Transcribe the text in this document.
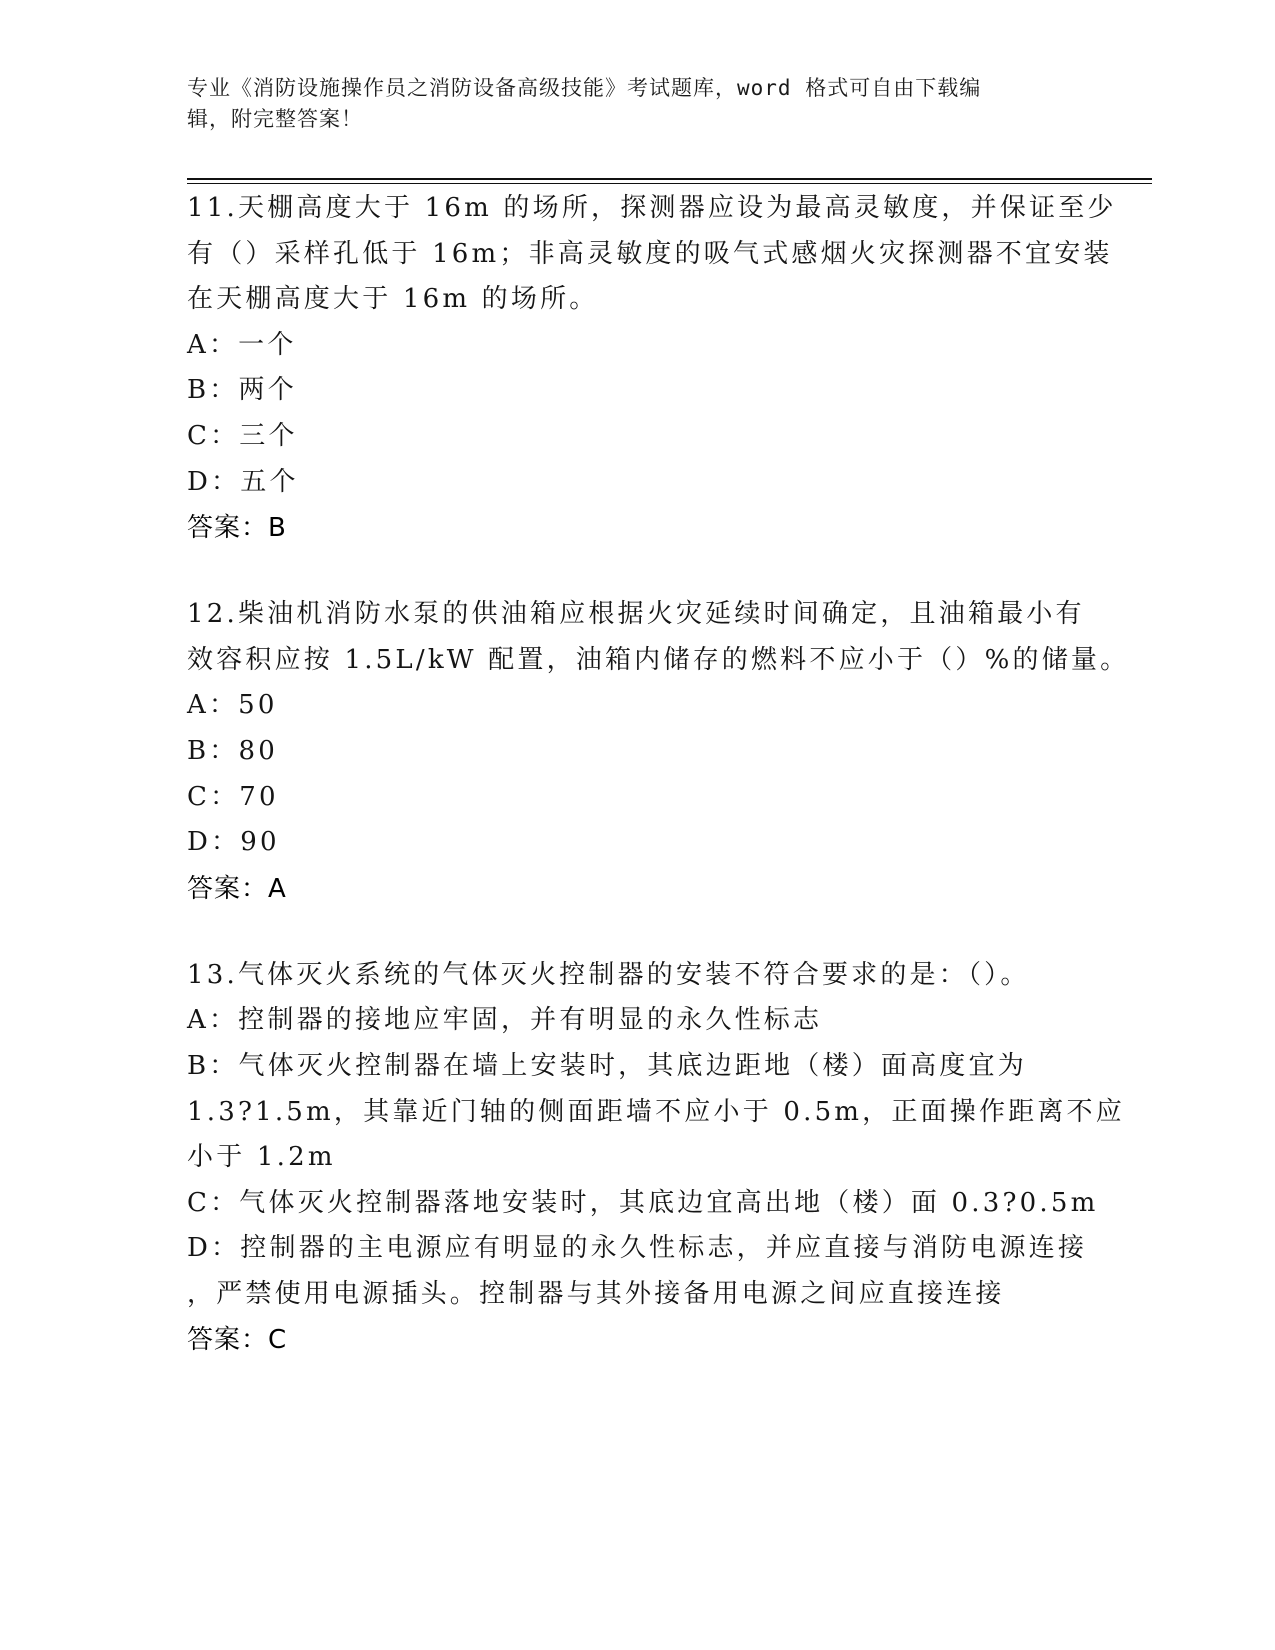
专业《消防设施操作员之消防设备高级技能》考试题库，word 格式可自由下载编
辑，附完整答案！
11.天棚高度大于 16m 的场所，探测器应设为最高灵敏度，并保证至少
有（）采样孔低于 16m；非高灵敏度的吸气式感烟火灾探测器不宜安装
在天棚高度大于 16m 的场所。
A：一个
B：两个
C：三个
D：五个
答案：B
12.柴油机消防水泵的供油箱应根据火灾延续时间确定，且油箱最小有
效容积应按 1.5L/kW 配置，油箱内储存的燃料不应小于（）%的储量。
A：50
B：80
C：70
D：90
答案：A
13.气体灭火系统的气体灭火控制器的安装不符合要求的是：（）。
A：控制器的接地应牢固，并有明显的永久性标志
B：气体灭火控制器在墙上安装时，其底边距地（楼）面高度宜为
1.3?1.5m，其靠近门轴的侧面距墙不应小于 0.5m，正面操作距离不应
小于 1.2m
C：气体灭火控制器落地安装时，其底边宜高出地（楼）面 0.3?0.5m
D：控制器的主电源应有明显的永久性标志，并应直接与消防电源连接
，严禁使用电源插头。控制器与其外接备用电源之间应直接连接
答案：C
